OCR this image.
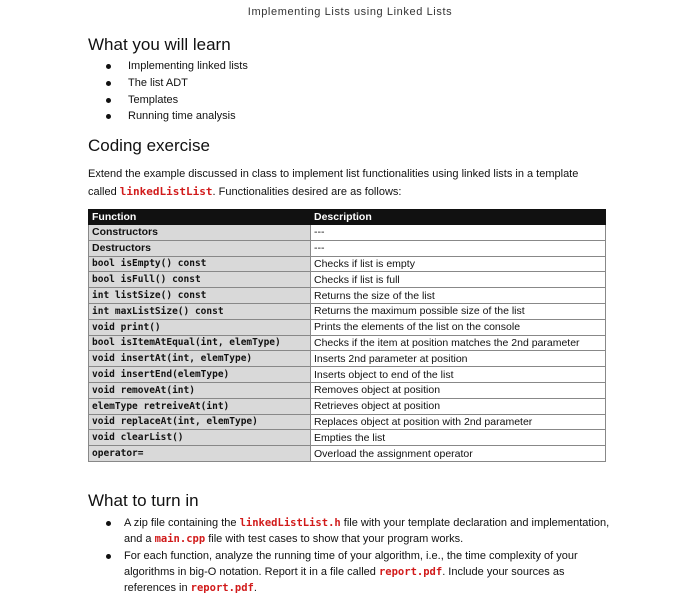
Implementing Lists using Linked Lists
What you will learn
Implementing linked lists
The list ADT
Templates
Running time analysis
Coding exercise
Extend the example discussed in class to implement list functionalities using linked lists in a template called linkedListList. Functionalities desired are as follows:
Function	Description
Constructors	---
Destructors	---
bool isEmpty() const	Checks if list is empty
bool isFull() const	Checks if list is full
int listSize() const	Returns the size of the list
int maxListSize() const	Returns the maximum possible size of the list
void print()	Prints the elements of the list on the console
bool isItemAtEqual(int, elemType)	Checks if the item at position matches the 2nd parameter
void insertAt(int, elemType)	Inserts 2nd parameter at position
void insertEnd(elemType)	Inserts object to end of the list
void removeAt(int)	Removes object at position
elemType retreiveAt(int)	Retrieves object at position
void replaceAt(int, elemType)	Replaces object at position with 2nd parameter
void clearList()	Empties the list
operator=	Overload the assignment operator
What to turn in
A zip file containing the linkedListList.h file with your template declaration and implementation, and a main.cpp file with test cases to show that your program works.
For each function, analyze the running time of your algorithm, i.e., the time complexity of your algorithms in big-O notation. Report it in a file called report.pdf. Include your sources as references in report.pdf.
